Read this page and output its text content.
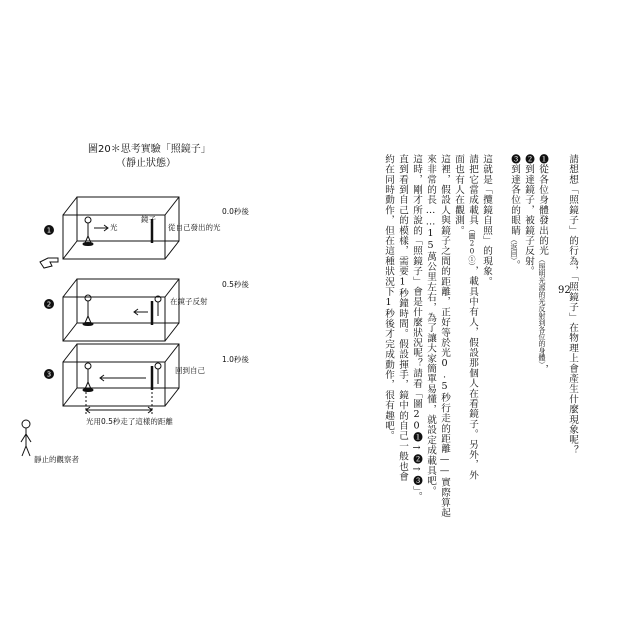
圖20＊思考實驗「照鏡子」
（靜止狀態）
1
2
3
光
鏡子
從自己發出的光
在鏡子反射
回到自己
0.0秒後
0.5秒後
1.0秒後
光用0.5秒走了這樣的距離
靜止的觀察者
請想想「照鏡子」的行為，「照鏡子」在物理上會產生什麼現象呢？
❶從各位身體發出的光（照明光源的光反射到各位的身體），
❷到達鏡子，被鏡子反射。
❸到達各位的眼睛（返回）。
這就是「攬鏡自照」的現象。
請把它當成載具（圖20①），載具中有人，假設那個人在看鏡子。另外，外
面也有人在觀測。
這裡，假設人與鏡子之間的距離，正好等於光0.5秒行走的距離——實際算起
來非常的長……15萬公里左右，為了讓大家簡單易懂，就設定成載具吧。
這時，剛才所說的「照鏡子」會是什麼狀況呢？請看「圖20❶→❷→❸」。
直到看到自己的模樣，需要1秒鐘時間。假設揮手，鏡中的自己一般也會
約在同時動作，但在這種狀況下1秒後才完成動作，很有趣吧。	92
